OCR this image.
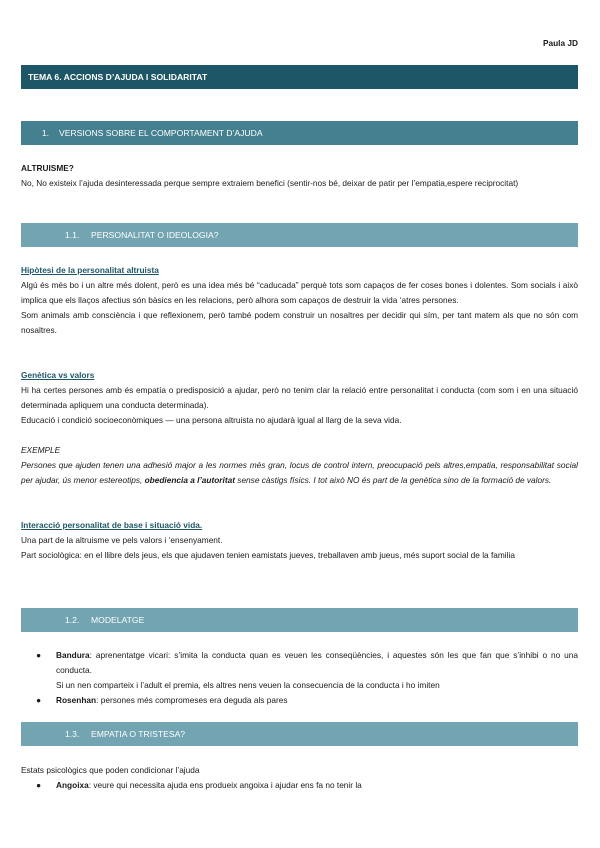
Paula JD
TEMA 6. ACCIONS D’AJUDA I SOLIDARITAT
1. VERSIONS SOBRE EL COMPORTAMENT D’AJUDA
ALTRUISME?
No, No existeix l’ajuda desinteressada perque sempre extraiem benefici (sentir-nos bé, deixar de patir per l’empatia,espere reciprocitat)
1.1. PERSONALITAT O IDEOLOGIA?
Hipòtesi de la personalitat altruista
Algú és més bo i un altre més dolent, però es una idea més bé “caducada” perquè tots som capaços de fer coses bones i dolentes. Som socials i això implica que els llaços afectius són bàsics en les relacions, però alhora som capaços de destruir la vida ‘atres persones.
Som animals amb consciència i que reflexionem, però també podem construir un nosaltres per decidir qui sím, per tant matem als que no són com nosaltres.
Genètica vs valors
Hi ha certes persones amb és empatía o predisposició a ajudar, però no tenim clar la relació entre personalitat i conducta (com som i en una situació determinada apliquem una conducta determinada).
Educació i condició socioeconòmiques — una persona altruista no ajudarà igual al llarg de la seva vida.
EXEMPLE
Persones que ajuden tenen una adhesió major a les normes més gran, locus de control intern, preocupació pels altres,empatia, responsabilitat social per ajudar, ús menor estereotips, obediencia a l’autoritat sense càstigs físics. I tot això NO és part de la genètica sino de la formació de valors.
Interacció personalitat de base i situació vida.
Una part de la altruisme ve pels valors i ‘ensenyament.
Part sociològica: en el llibre dels jeus, els que ajudaven tenien eamistats jueves, treballaven amb jueus, més suport social de la familia
1.2. MODELATGE
● Bandura: aprenentatge vicari: s’imita la conducta quan es veuen les conseqüències, i aquestes són les que fan que s’inhibi o no una conducta.
Si un nen comparteix i l’adult el premia, els altres nens veuen la consecuencia de la conducta i ho imiten
● Rosenhan: persones més compromeses era deguda als pares
1.3. EMPATIA O TRISTESA?
Estats psicològics que poden condicionar l’ajuda
● Angoixa: veure qui necessita ajuda ens produeix angoixa i ajudar ens fa no tenir la
